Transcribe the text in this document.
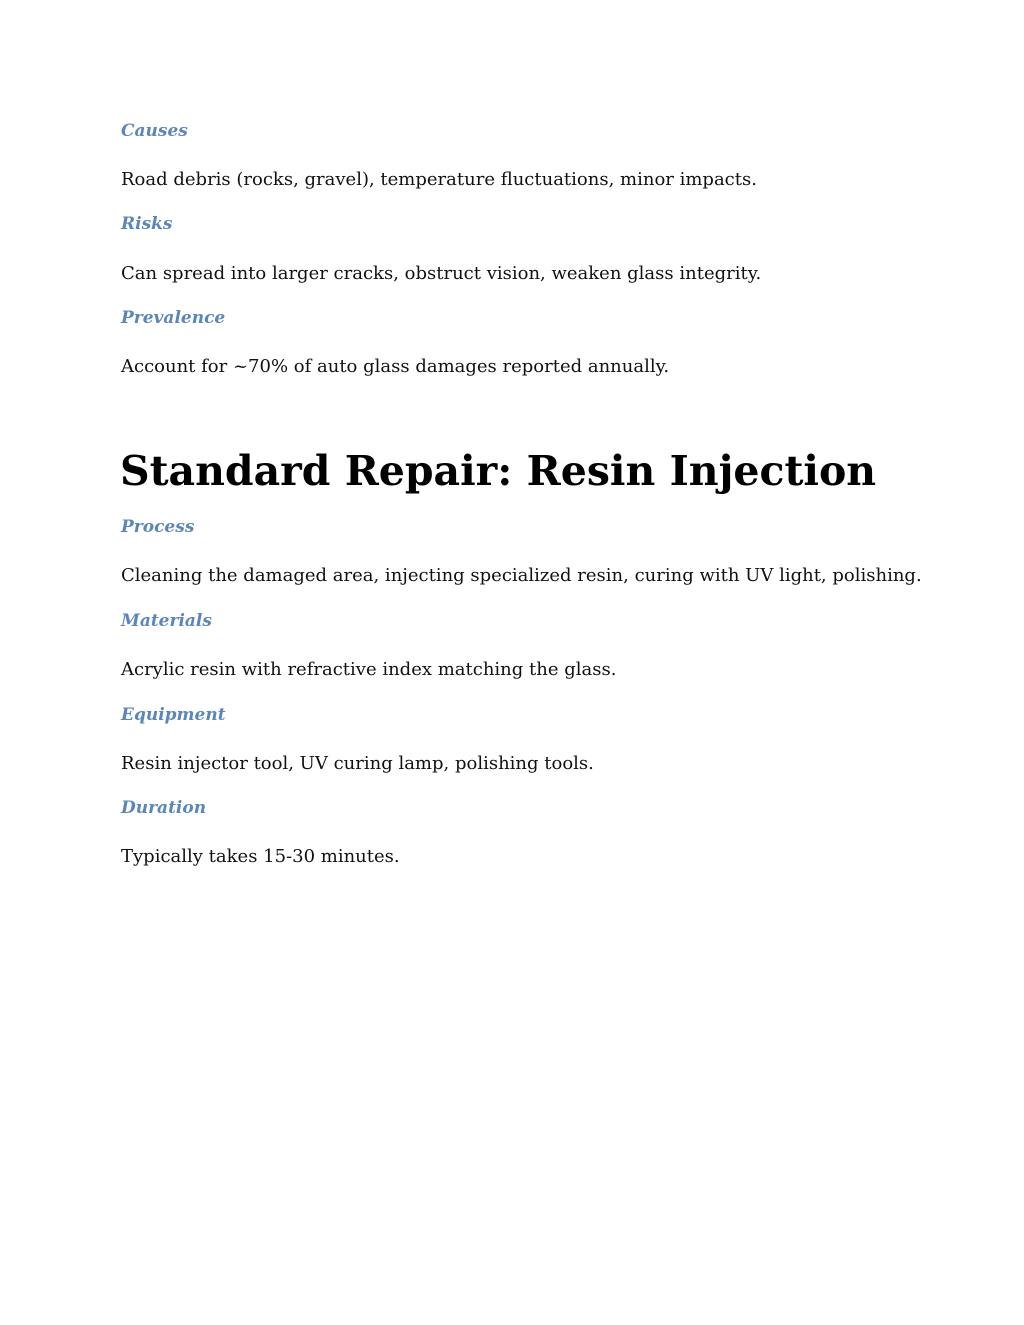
Causes
Road debris (rocks, gravel), temperature fluctuations, minor impacts.
Risks
Can spread into larger cracks, obstruct vision, weaken glass integrity.
Prevalence
Account for ~70% of auto glass damages reported annually.
Standard Repair: Resin Injection
Process
Cleaning the damaged area, injecting specialized resin, curing with UV light, polishing.
Materials
Acrylic resin with refractive index matching the glass.
Equipment
Resin injector tool, UV curing lamp, polishing tools.
Duration
Typically takes 15-30 minutes.
